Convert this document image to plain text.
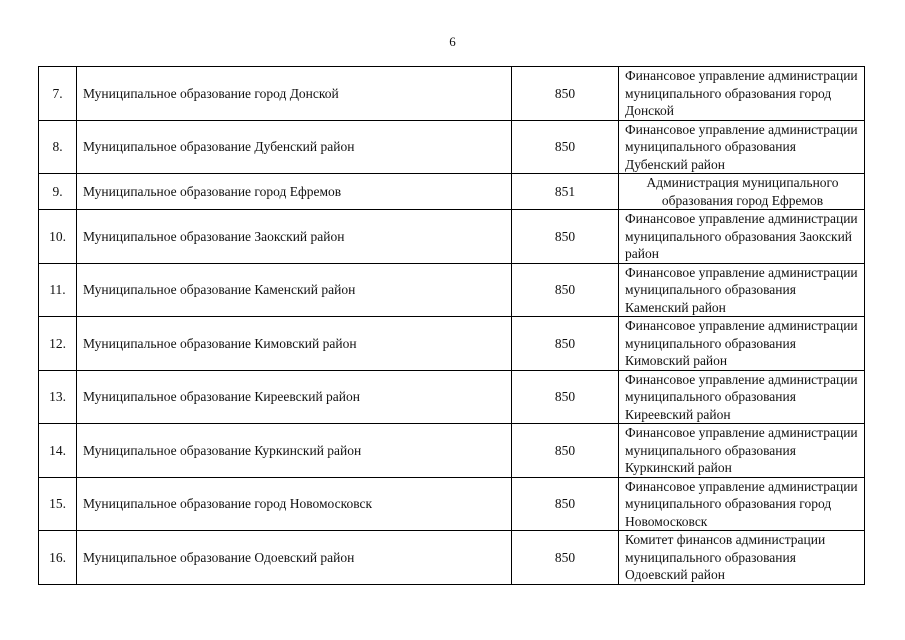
6
7.	Муниципальное образование город Донской	850	Финансовое управление администрации муниципального образования город Донской
8.	Муниципальное образование Дубенский район	850	Финансовое управление администрации муниципального образования Дубенский район
9.	Муниципальное образование город Ефремов	851	Администрация муниципального образования город Ефремов
10.	Муниципальное образование Заокский район	850	Финансовое управление администрации муниципального образования Заокский район
11.	Муниципальное образование Каменский район	850	Финансовое управление администрации муниципального образования Каменский район
12.	Муниципальное образование Кимовский район	850	Финансовое управление администрации муниципального образования Кимовский район
13.	Муниципальное образование Киреевский район	850	Финансовое управление администрации муниципального образования Киреевский район
14.	Муниципальное образование Куркинский район	850	Финансовое управление администрации муниципального образования Куркинский район
15.	Муниципальное образование город Новомосковск	850	Финансовое управление администрации муниципального образования город Новомосковск
16.	Муниципальное образование Одоевский район	850	Комитет финансов администрации муниципального образования Одоевский район
